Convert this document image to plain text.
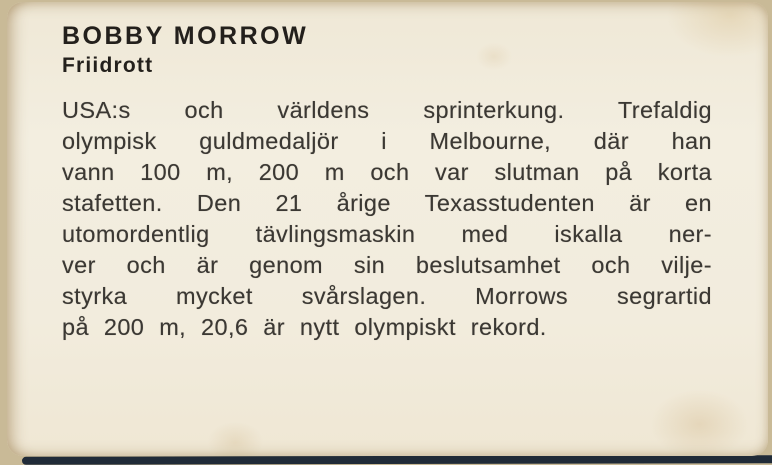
BOBBY MORROW
Friidrott
USA:s och världens sprinterkung. Trefaldig
olympisk guldmedaljör i Melbourne, där han
vann 100 m, 200 m och var slutman på korta
stafetten. Den 21 årige Texasstudenten är en
utomordentlig tävlingsmaskin med iskalla ner-
ver och är genom sin beslutsamhet och vilje-
styrka mycket svårslagen. Morrows segrartid
på 200 m, 20,6 är nytt olympiskt rekord.
